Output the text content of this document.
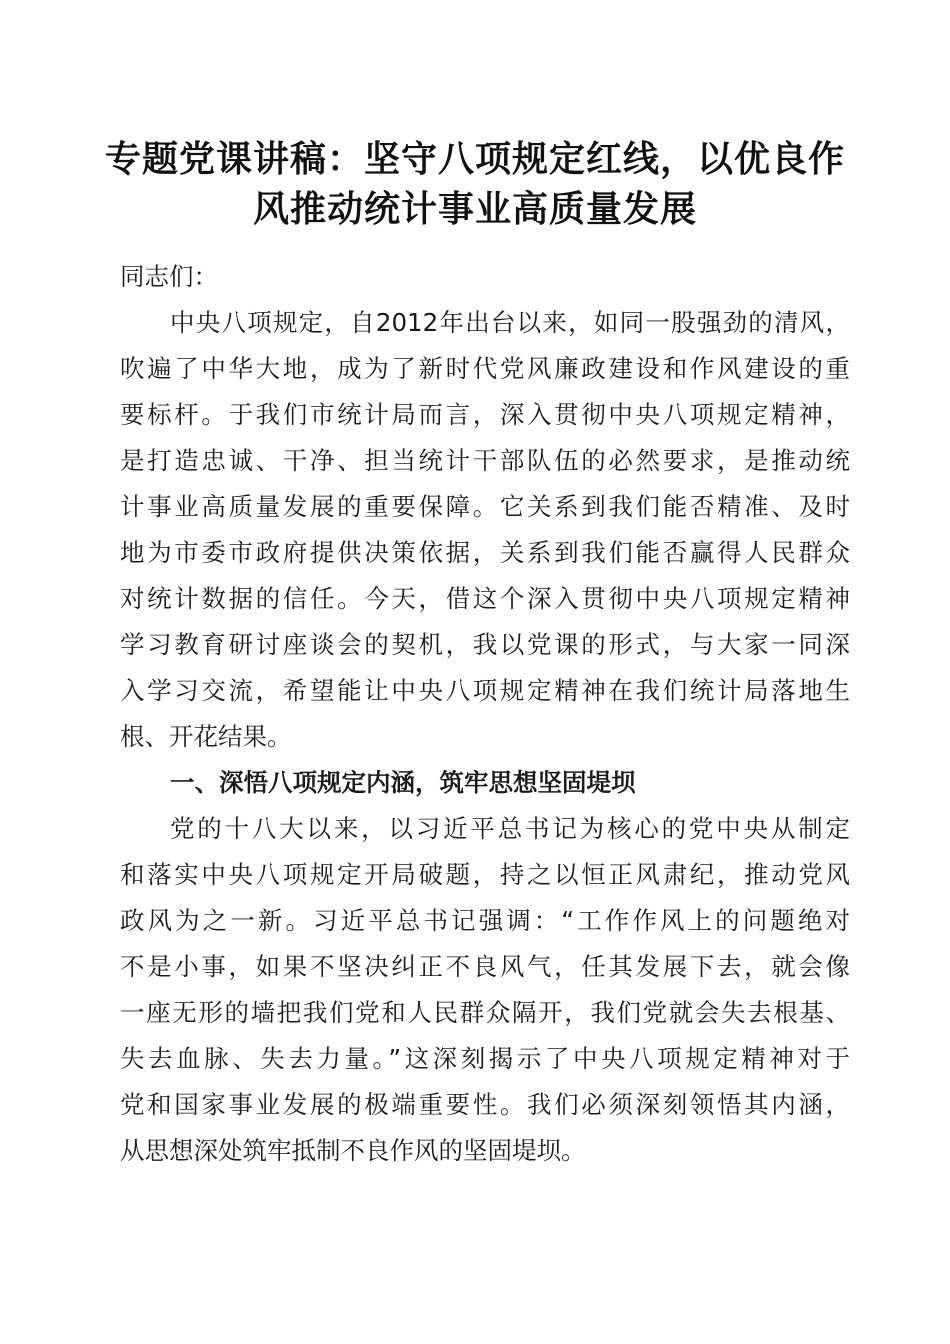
专题党课讲稿：坚守八项规定红线，以优良作
风推动统计事业高质量发展
同志们：
中央八项规定，自2012年出台以来，如同一股强劲的清风，
吹遍了中华大地，成为了新时代党风廉政建设和作风建设的重
要标杆。于我们市统计局而言，深入贯彻中央八项规定精神，
是打造忠诚、干净、担当统计干部队伍的必然要求，是推动统
计事业高质量发展的重要保障。它关系到我们能否精准、及时
地为市委市政府提供决策依据，关系到我们能否赢得人民群众
对统计数据的信任。今天，借这个深入贯彻中央八项规定精神
学习教育研讨座谈会的契机，我以党课的形式，与大家一同深
入学习交流，希望能让中央八项规定精神在我们统计局落地生
根、开花结果。
一、深悟八项规定内涵，筑牢思想坚固堤坝
党的十八大以来，以习近平总书记为核心的党中央从制定
和落实中央八项规定开局破题，持之以恒正风肃纪，推动党风
政风为之一新。习近平总书记强调：“工作作风上的问题绝对
不是小事，如果不坚决纠正不良风气，任其发展下去，就会像
一座无形的墙把我们党和人民群众隔开，我们党就会失去根基、
失去血脉、失去力量。”这深刻揭示了中央八项规定精神对于
党和国家事业发展的极端重要性。我们必须深刻领悟其内涵，
从思想深处筑牢抵制不良作风的坚固堤坝。
